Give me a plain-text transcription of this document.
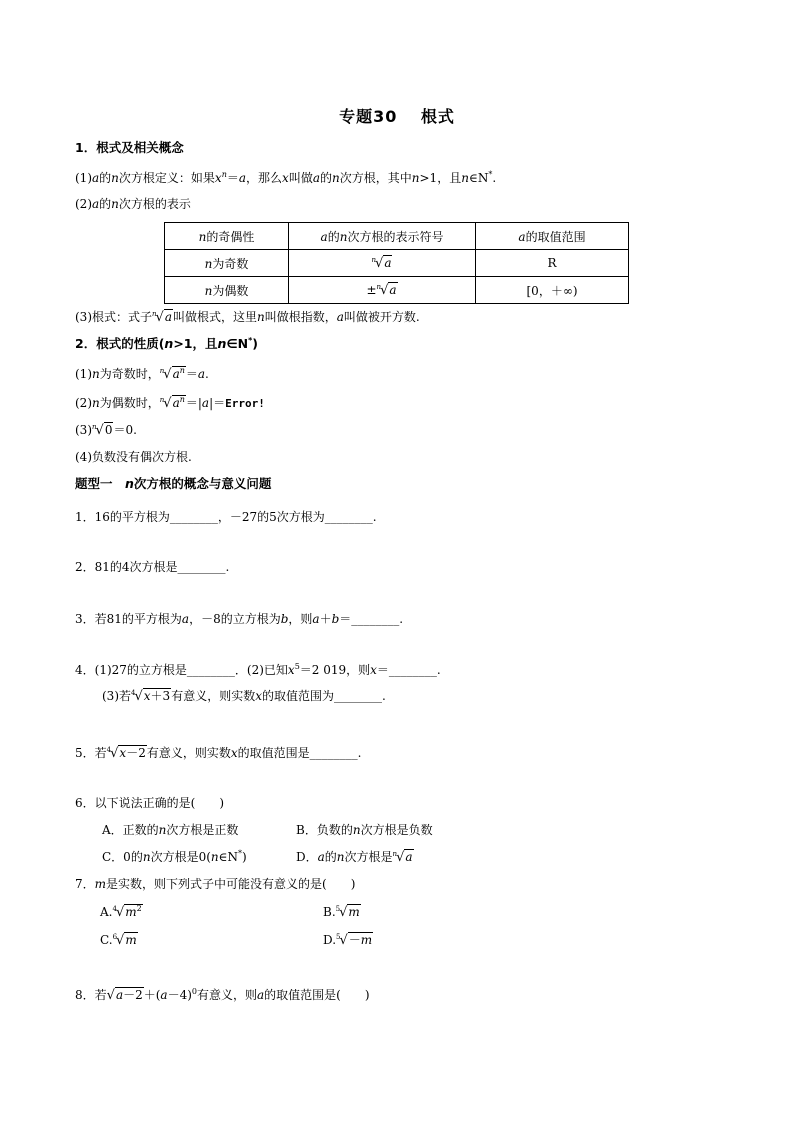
专题30　 根式
1．根式及相关概念
(1)a的n次方根定义：如果$x^n=a$，那么x叫做a的n次方根，其中n>1，且n∈N*.
(2)a的n次方根的表示
n的奇偶性	a的n次方根的表示符号	a的取值范围
n为奇数	$^n$√a	R
n为偶数	±$^n$√a	[0，＋∞)
(3)根式：式子$^n$√a叫做根式，这里n叫做根指数，a叫做被开方数.
2．根式的性质(n>1，且n∈N*)
(1)n为奇数时，$^n√a^n=a$.
(2)n为偶数时，$^n√a^n=|a|=Error$!
$(3)^n√0=0$.
(4)负数没有偶次方根.
题型一　n次方根的概念与意义问题
1．16的平方根为________，－27的5次方根为________.
2．81的4次方根是________.
3．若81的平方根为a，－8的立方根为b，则a＋b＝________.
4．(1)27的立方根是________．(2)已知$x^5=2$ 019，则x＝________.
(3)若$^4$√x＋3有意义，则实数x的取值范围为________.
5．若$^4$√x－2有意义，则实数x的取值范围是________.
6．以下说法正确的是(　　)
A．正数的n次方根是正数	B．负数的n次方根是负数
C．0的n次方根是0(n∈N*)	D．a的n次方根是$^n$√a
7．m是实数，则下列式子中可能没有意义的是(　　)
$A.^4√m^2$	B.$^5$√m
C.$^6$√m	D.$^5$√－m
8．若$√a-2+(a-4)^0$有意义，则a的取值范围是(　　)
